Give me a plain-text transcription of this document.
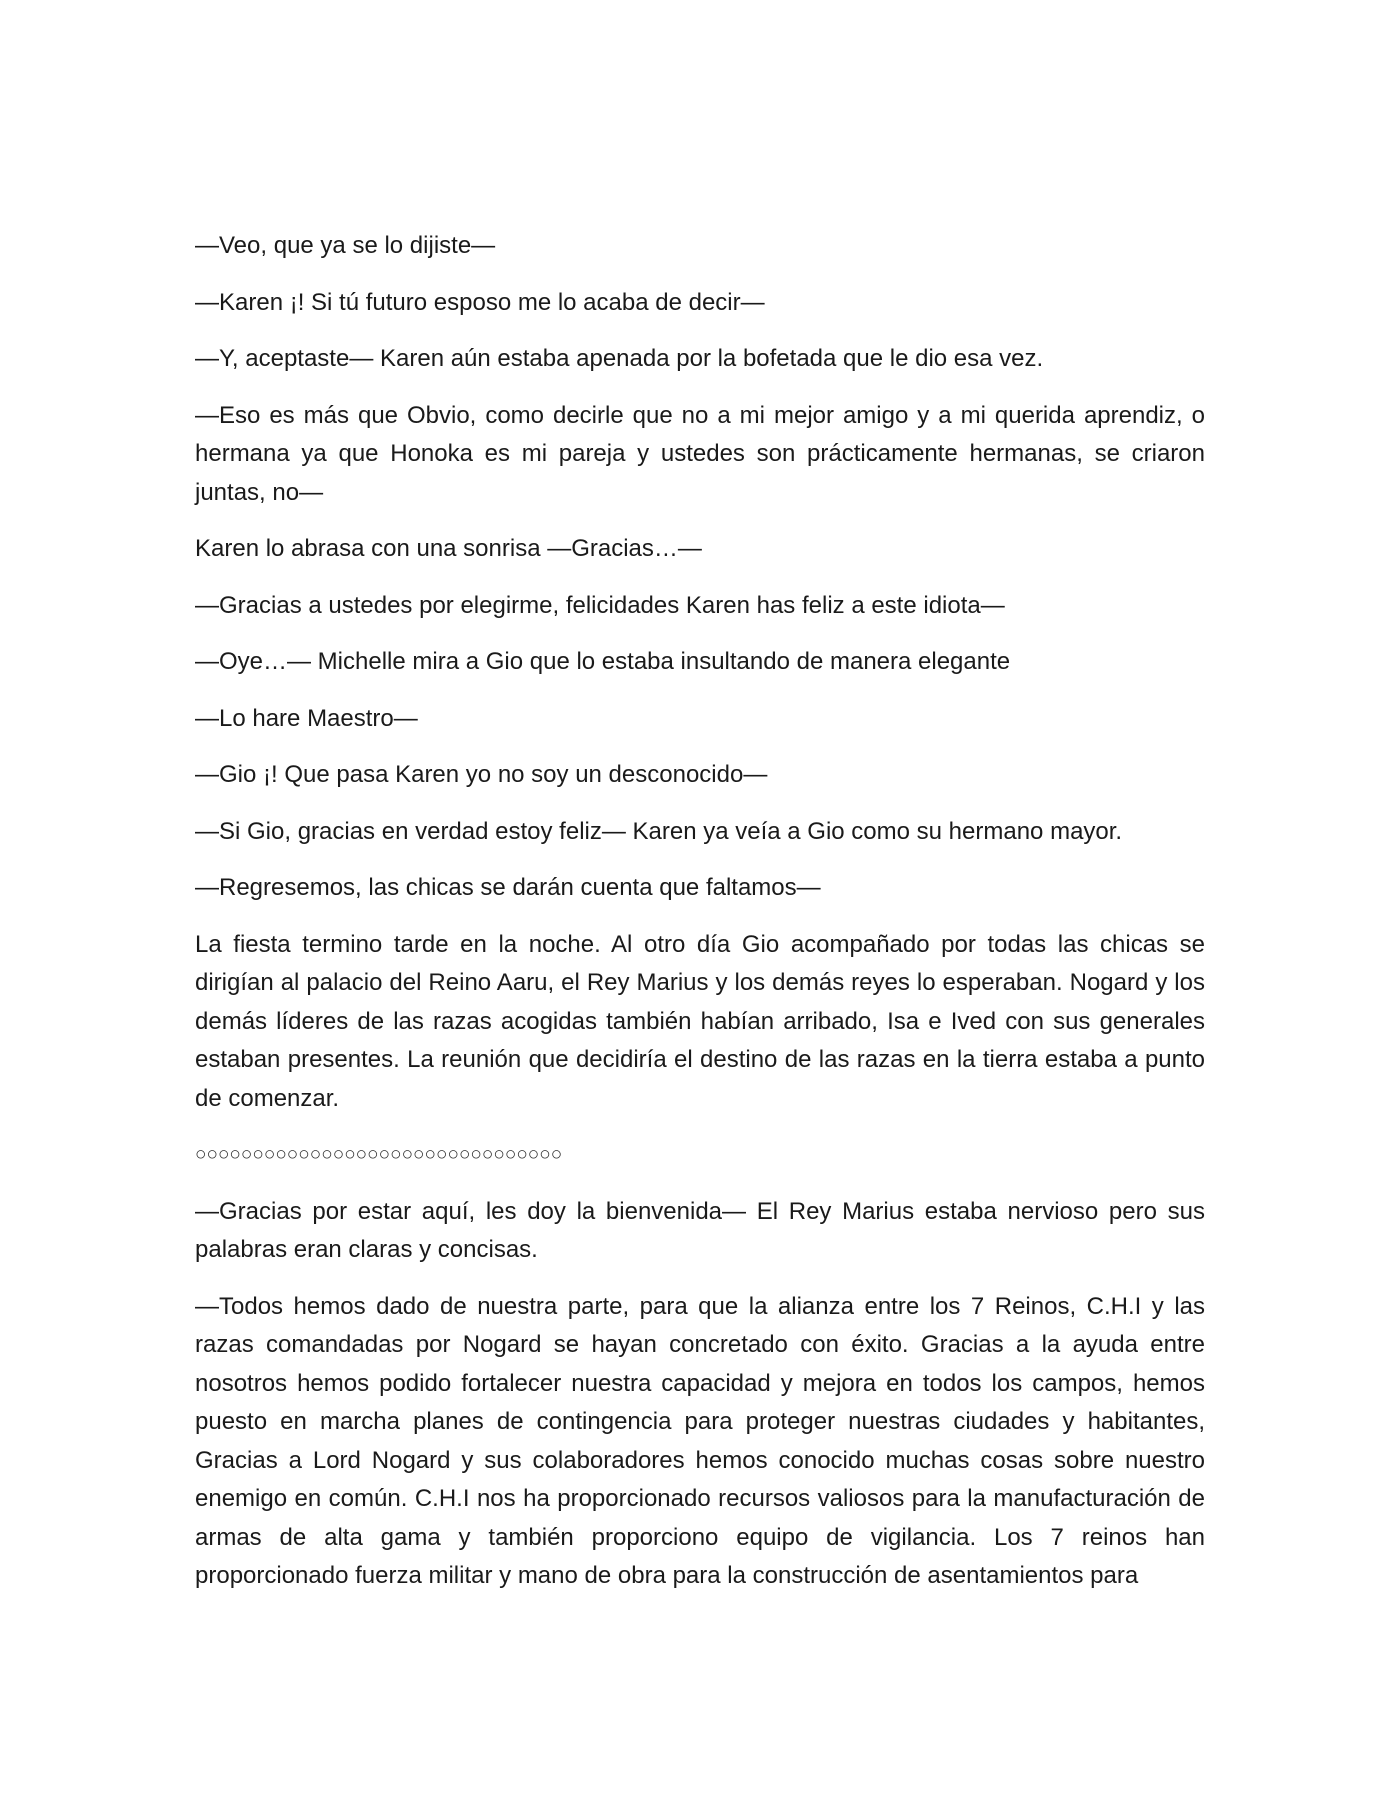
—Veo, que ya se lo dijiste—

—Karen ¡! Si tú futuro esposo me lo acaba de decir—

—Y, aceptaste— Karen aún estaba apenada por la bofetada que le dio esa vez.

—Eso es más que Obvio, como decirle que no a mi mejor amigo y a mi querida aprendiz, o hermana ya que Honoka es mi pareja y ustedes son prácticamente hermanas, se criaron juntas, no—

Karen lo abrasa con una sonrisa —Gracias…—

—Gracias a ustedes por elegirme, felicidades Karen has feliz a este idiota—

—Oye…— Michelle mira a Gio que lo estaba insultando de manera elegante

—Lo hare Maestro—

—Gio ¡! Que pasa Karen yo no soy un desconocido—

—Si Gio, gracias en verdad estoy feliz— Karen ya veía a Gio como su hermano mayor.

—Regresemos, las chicas se darán cuenta que faltamos—

La fiesta termino tarde en la noche. Al otro día Gio acompañado por todas las chicas se dirigían al palacio del Reino Aaru, el Rey Marius y los demás reyes lo esperaban. Nogard y los demás líderes de las razas acogidas también habían arribado, Isa e Ived con sus generales estaban presentes. La reunión que decidiría el destino de las razas en la tierra estaba a punto de comenzar.

○○○○○○○○○○○○○○○○○○○○○○○○○○○○○○○○

—Gracias por estar aquí, les doy la bienvenida— El Rey Marius estaba nervioso pero sus palabras eran claras y concisas.

—Todos hemos dado de nuestra parte, para que la alianza entre los 7 Reinos, C.H.I y las razas comandadas por Nogard se hayan concretado con éxito. Gracias a la ayuda entre nosotros hemos podido fortalecer nuestra capacidad y mejora en todos los campos, hemos puesto en marcha planes de contingencia para proteger nuestras ciudades y habitantes, Gracias a Lord Nogard y sus colaboradores hemos conocido muchas cosas sobre nuestro enemigo en común. C.H.I nos ha proporcionado recursos valiosos para la manufacturación de armas de alta gama y también proporciono equipo de vigilancia. Los 7 reinos han proporcionado fuerza militar y mano de obra para la construcción de asentamientos para
